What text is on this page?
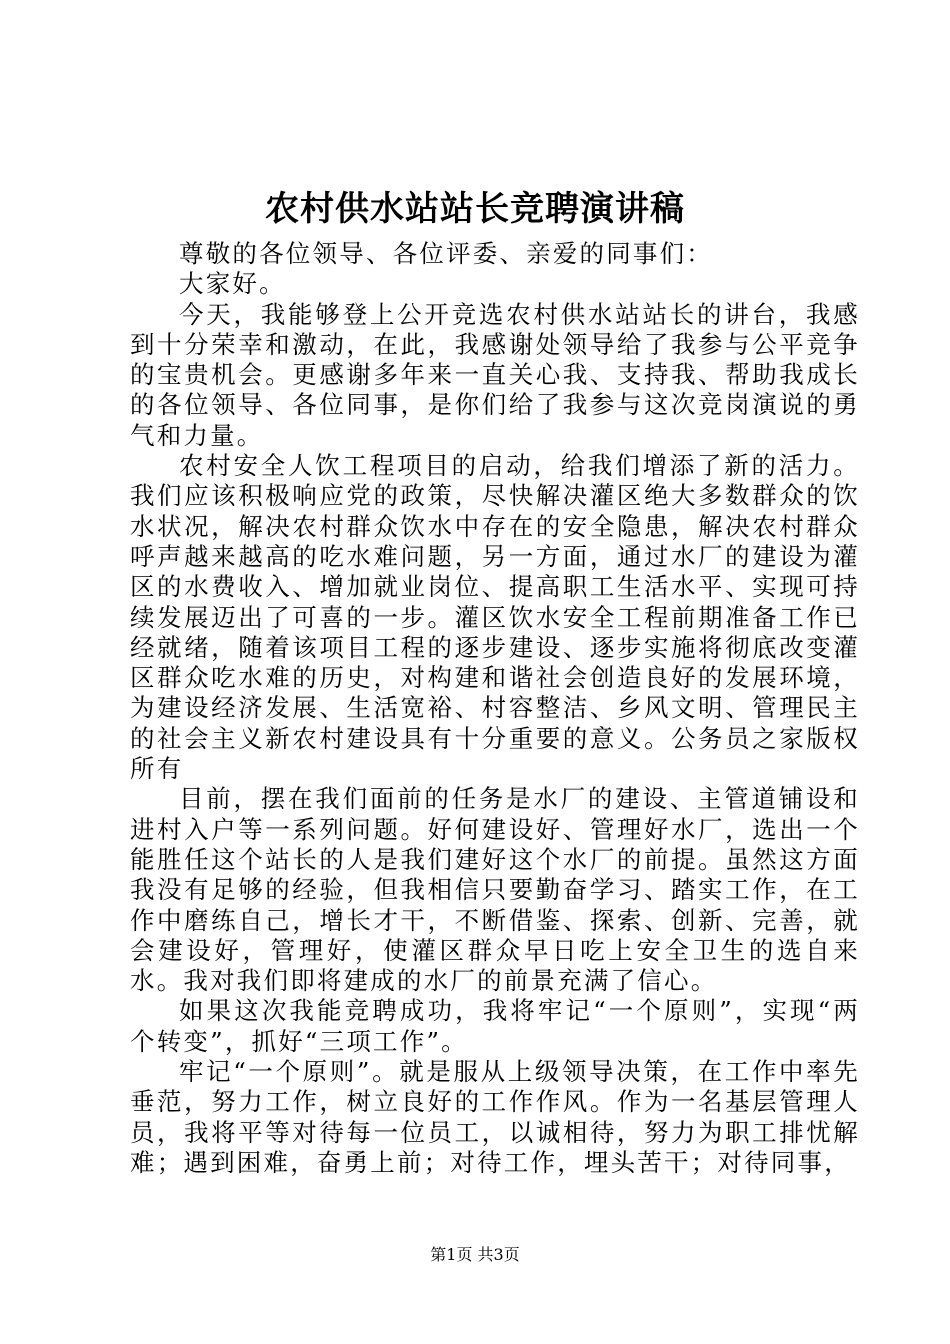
农村供水站站长竞聘演讲稿

尊敬的各位领导、各位评委、亲爱的同事们：

大家好。

今天，我能够登上公开竞选农村供水站站长的讲台，我感到十分荣幸和激动，在此，我感谢处领导给了我参与公平竞争的宝贵机会。更感谢多年来一直关心我、支持我、帮助我成长的各位领导、各位同事，是你们给了我参与这次竞岗演说的勇气和力量。

农村安全人饮工程项目的启动，给我们增添了新的活力。我们应该积极响应党的政策，尽快解决灌区绝大多数群众的饮水状况，解决农村群众饮水中存在的安全隐患，解决农村群众呼声越来越高的吃水难问题，另一方面，通过水厂的建设为灌区的水费收入、增加就业岗位、提高职工生活水平、实现可持续发展迈出了可喜的一步。灌区饮水安全工程前期准备工作已经就绪，随着该项目工程的逐步建设、逐步实施将彻底改变灌区群众吃水难的历史，对构建和谐社会创造良好的发展环境，为建设经济发展、生活宽裕、村容整洁、乡风文明、管理民主的社会主义新农村建设具有十分重要的意义。公务员之家版权所有

目前，摆在我们面前的任务是水厂的建设、主管道铺设和进村入户等一系列问题。好何建设好、管理好水厂，选出一个能胜任这个站长的人是我们建好这个水厂的前提。虽然这方面我没有足够的经验，但我相信只要勤奋学习、踏实工作，在工作中磨练自己，增长才干，不断借鉴、探索、创新、完善，就会建设好，管理好，使灌区群众早日吃上安全卫生的选自来水。我对我们即将建成的水厂的前景充满了信心。

如果这次我能竞聘成功，我将牢记“一个原则”，实现“两个转变”，抓好“三项工作”。

牢记“一个原则”。就是服从上级领导决策，在工作中率先垂范，努力工作，树立良好的工作作风。作为一名基层管理人员，我将平等对待每一位员工，以诚相待，努力为职工排忧解难；遇到困难，奋勇上前；对待工作，埋头苦干；对待同事，

第1页 共3页
